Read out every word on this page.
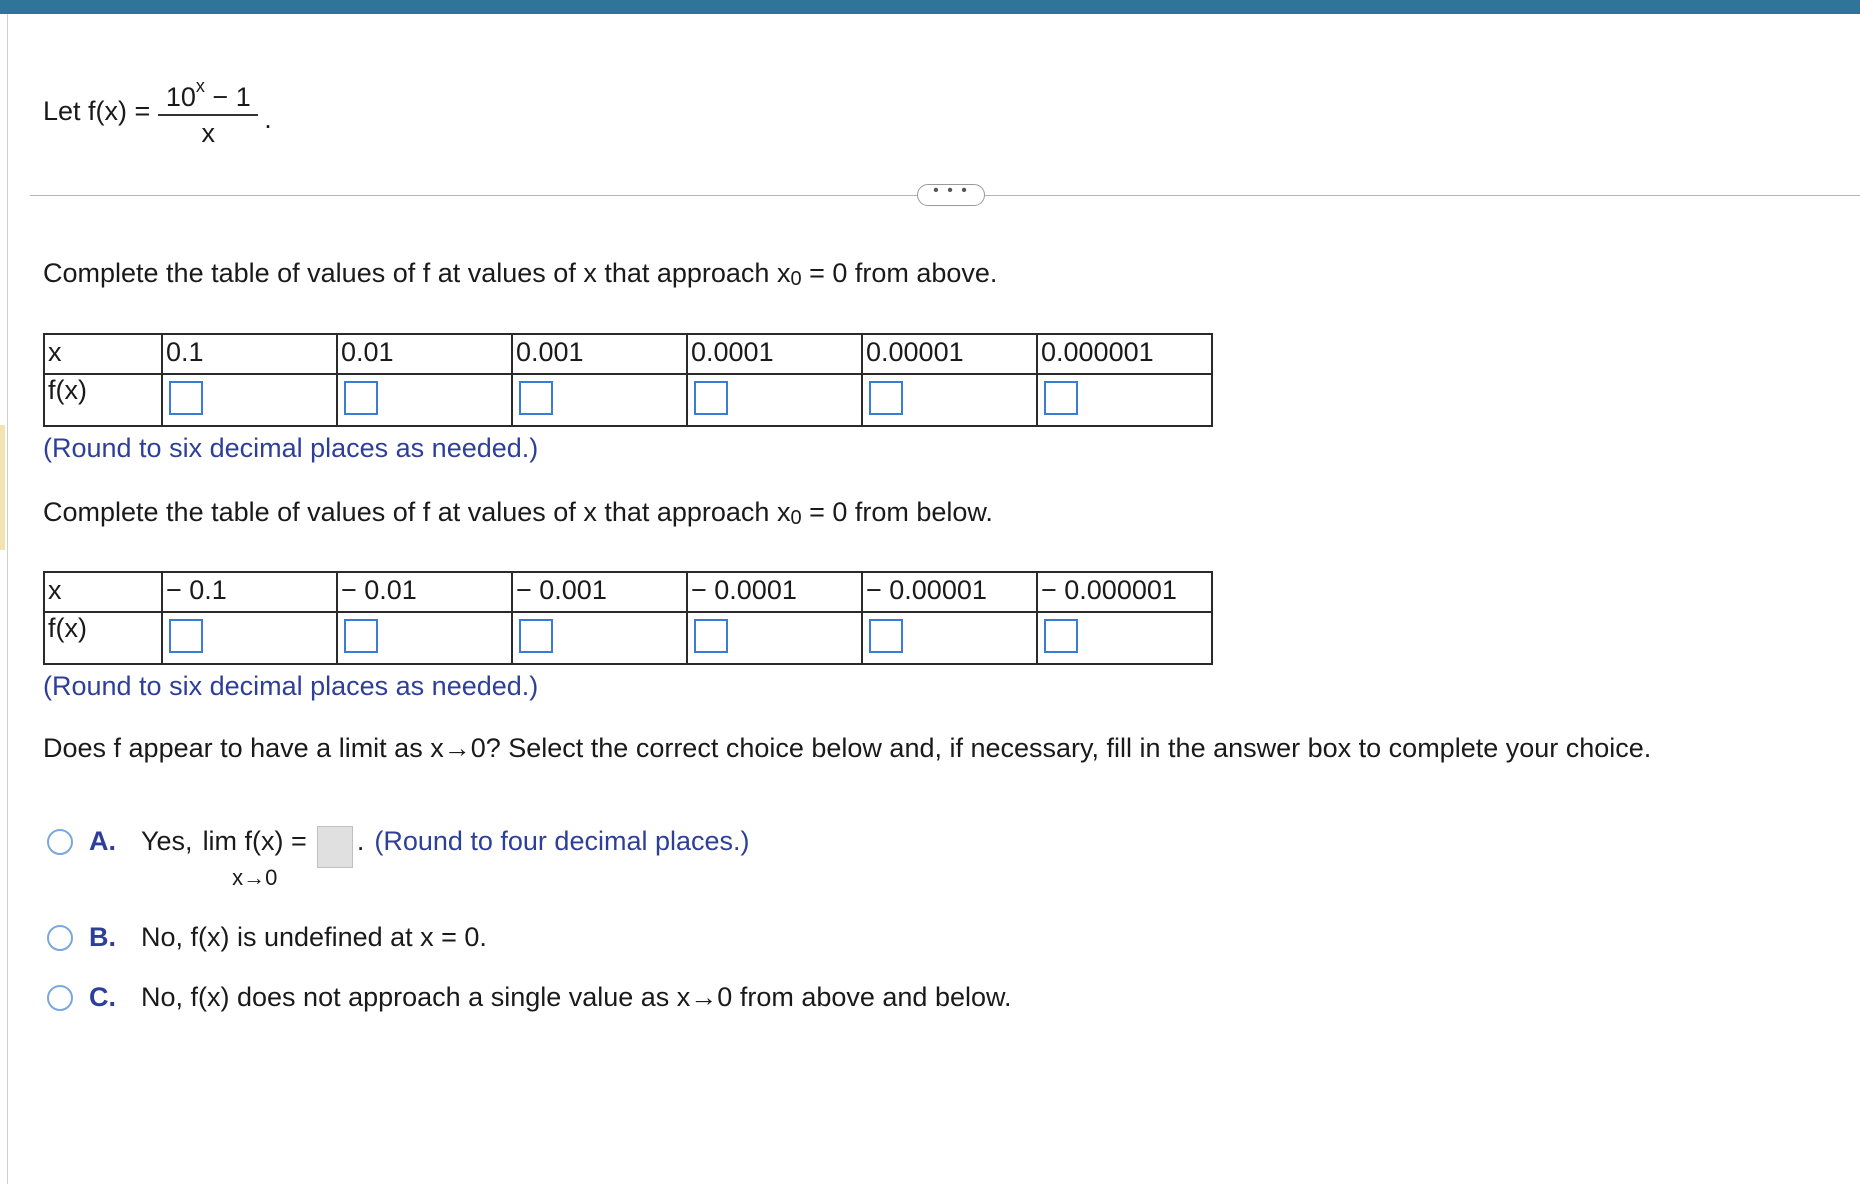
Let $f(x) = \frac{10^x - 1}{x}$ .
• • •
Complete the table of values of f at values of x that approach $x_0 = 0$ from above.
x	0.1	0.01	0.001	0.0001	0.00001	0.000001
f(x)	

(Round to six decimal places as needed.)
Complete the table of values of f at values of x that approach $x_0 = 0$ from below.
x	− 0.1	− 0.01	− 0.001	− 0.0001	− 0.00001	− 0.000001
f(x)	

(Round to six decimal places as needed.)
Does f appear to have a limit as x→0? Select the correct choice below and, if necessary, fill in the answer box to complete your choice.
A. Yes, lim f(x) =
x→0
. (Round to four decimal places.)
B. No, f(x) is undefined at x = 0.
C. No, f(x) does not approach a single value as x→0 from above and below.
